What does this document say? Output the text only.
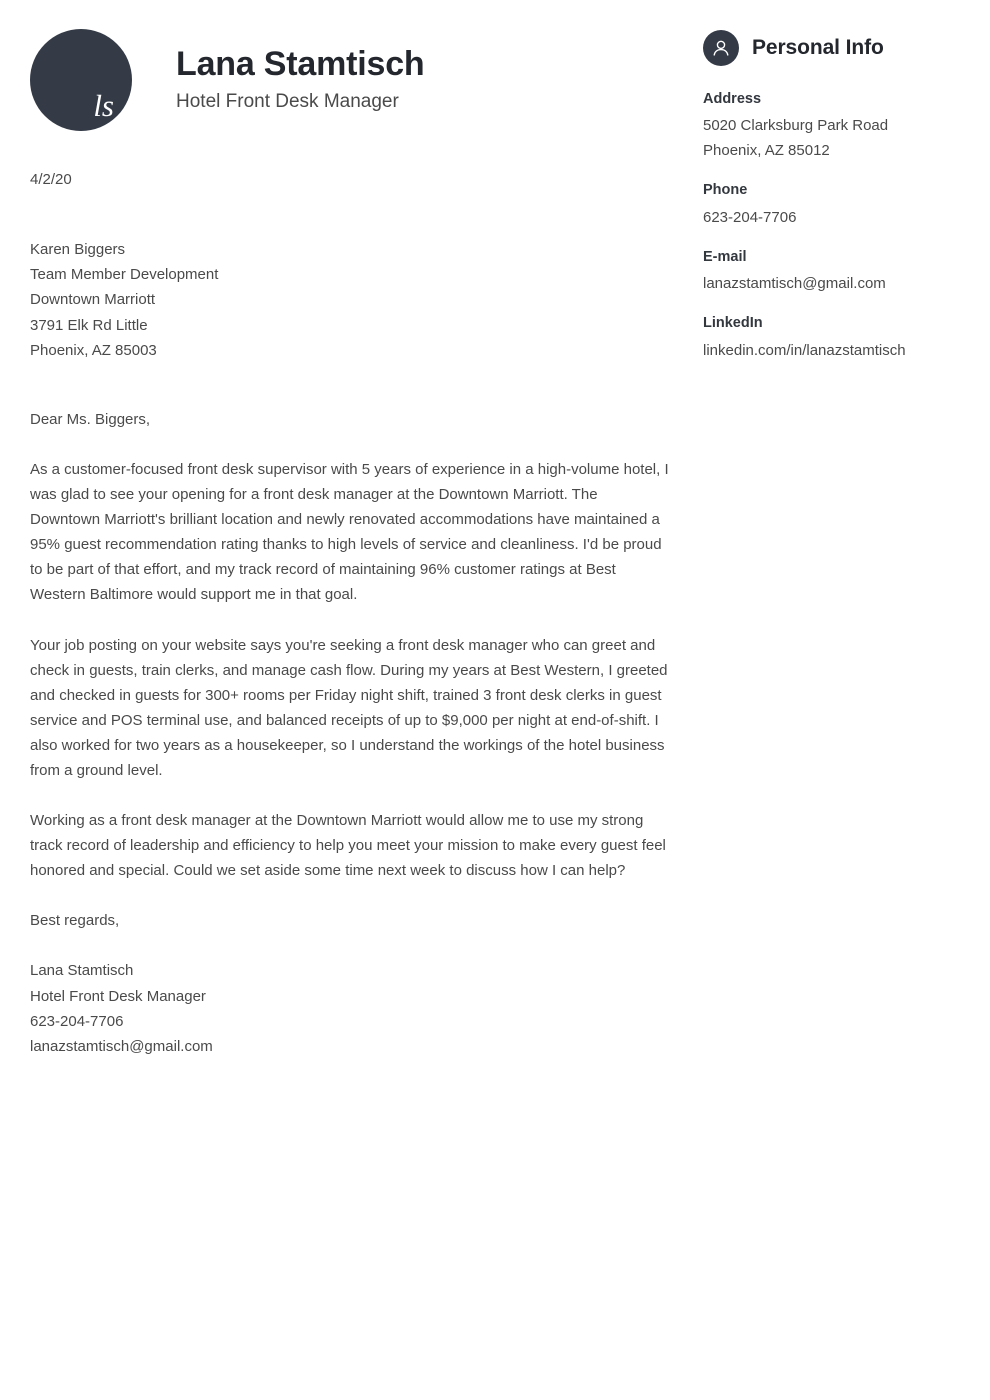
ls
Lana Stamtisch

Hotel Front Desk Manager

4/2/20
Karen Biggers
Team Member Development
Downtown Marriott
3791 Elk Rd Little
Phoenix, AZ 85003
Dear Ms. Biggers,

As a customer-focused front desk supervisor with 5 years of experience in a high-volume hotel, I was glad to see your opening for a front desk manager at the Downtown Marriott. The Downtown Marriott's brilliant location and newly renovated accommodations have maintained a 95% guest recommendation rating thanks to high levels of service and cleanliness. I'd be proud to be part of that effort, and my track record of maintaining 96% customer ratings at Best Western Baltimore would support me in that goal.

Your job posting on your website says you're seeking a front desk manager who can greet and check in guests, train clerks, and manage cash flow. During my years at Best Western, I greeted and checked in guests for 300+ rooms per Friday night shift, trained 3 front desk clerks in guest service and POS terminal use, and balanced receipts of up to $9,000 per night at end-of-shift. I also worked for two years as a housekeeper, so I understand the workings of the hotel business from a ground level.

Working as a front desk manager at the Downtown Marriott would allow me to use my strong track record of leadership and efficiency to help you meet your mission to make every guest feel honored and special. Could we set aside some time next week to discuss how I can help?

Best regards,
Lana Stamtisch
Hotel Front Desk Manager
623-204-7706
lanazstamtisch@gmail.com
Personal Info
Address
5020 Clarksburg Park Road
Phoenix, AZ 85012
Phone
623-204-7706
E-mail
lanazstamtisch@gmail.com
LinkedIn
linkedin.com/in/lanazstamtisch
